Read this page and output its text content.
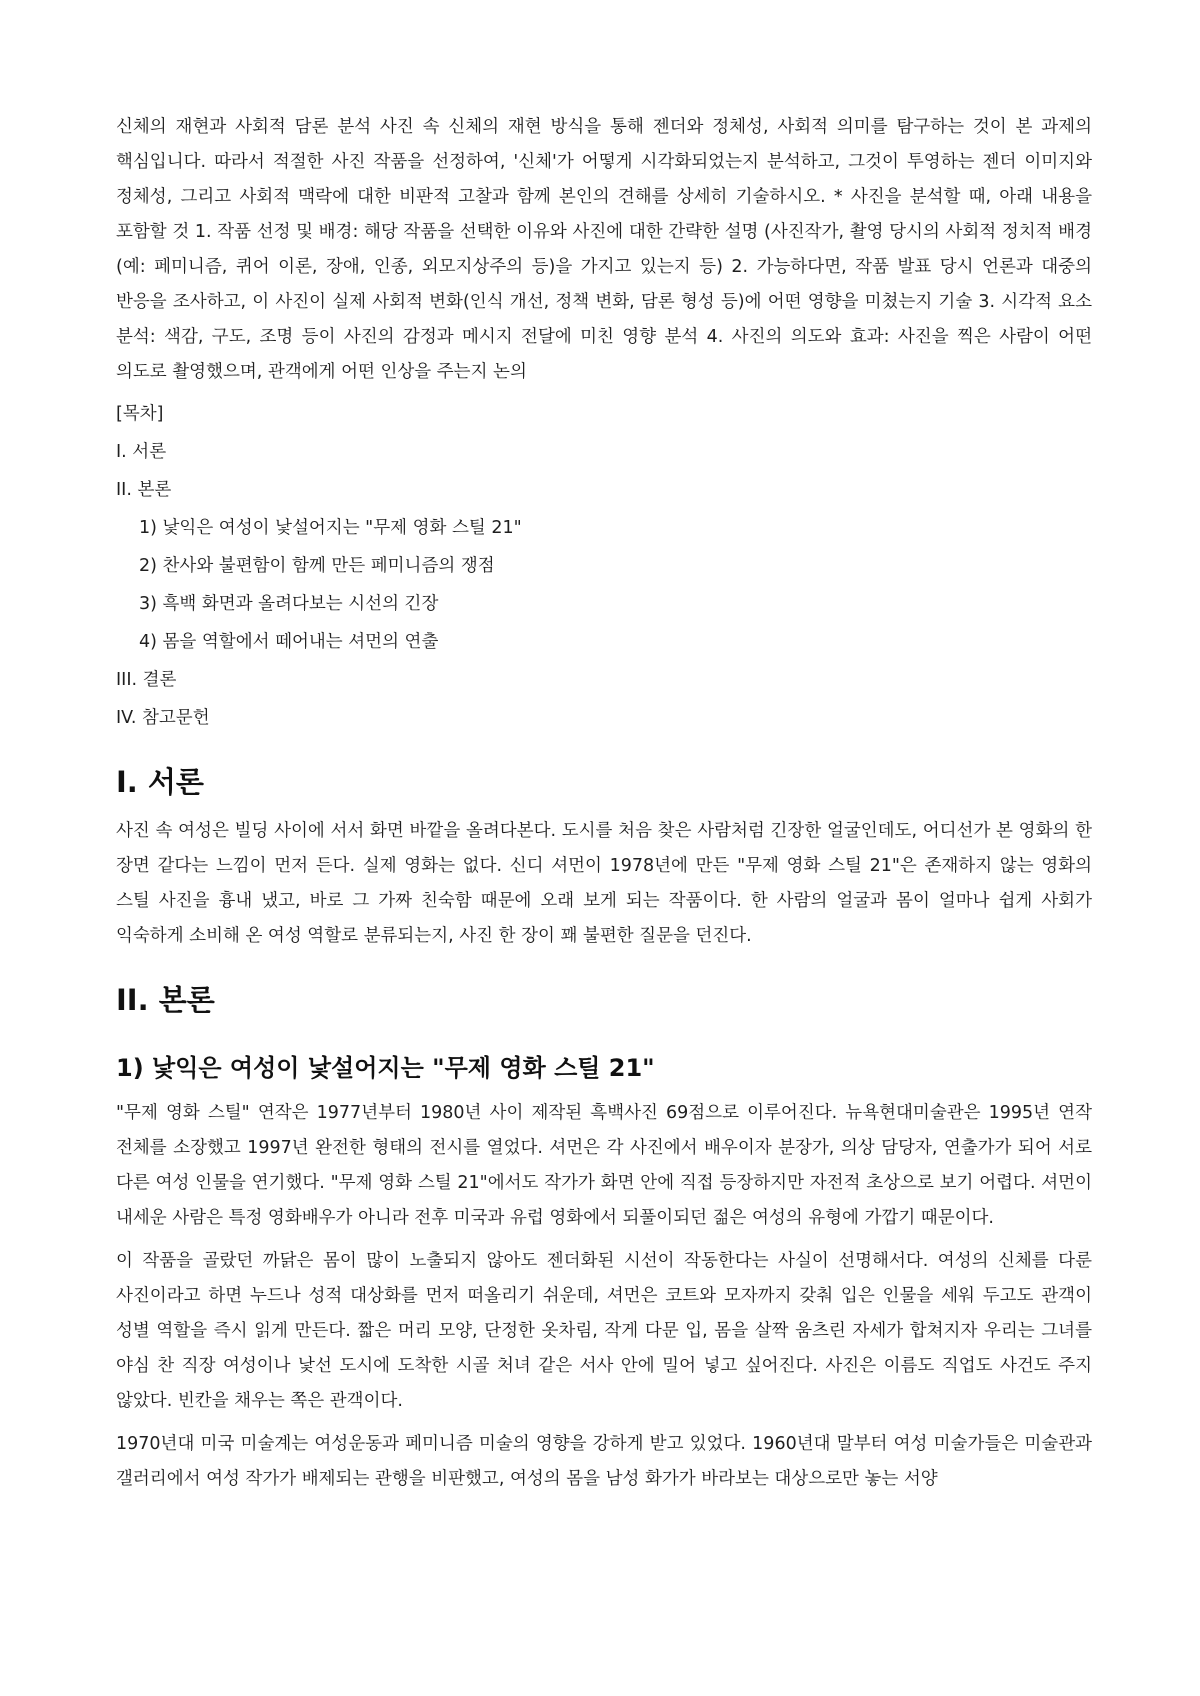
신체의 재현과 사회적 담론 분석 사진 속 신체의 재현 방식을 통해 젠더와 정체성, 사회적 의미를 탐구하는 것이 본 과제의 핵심입니다. 따라서 적절한 사진 작품을 선정하여, '신체'가 어떻게 시각화되었는지 분석하고, 그것이 투영하는 젠더 이미지와 정체성, 그리고 사회적 맥락에 대한 비판적 고찰과 함께 본인의 견해를 상세히 기술하시오. * 사진을 분석할 때, 아래 내용을 포함할 것 1. 작품 선정 및 배경: 해당 작품을 선택한 이유와 사진에 대한 간략한 설명 (사진작가, 촬영 당시의 사회적 정치적 배경(예: 페미니즘, 퀴어 이론, 장애, 인종, 외모지상주의 등)을 가지고 있는지 등) 2. 가능하다면, 작품 발표 당시 언론과 대중의 반응을 조사하고, 이 사진이 실제 사회적 변화(인식 개선, 정책 변화, 담론 형성 등)에 어떤 영향을 미쳤는지 기술 3. 시각적 요소 분석: 색감, 구도, 조명 등이 사진의 감정과 메시지 전달에 미친 영향 분석 4. 사진의 의도와 효과: 사진을 찍은 사람이 어떤 의도로 촬영했으며, 관객에게 어떤 인상을 주는지 논의

[목차]

I. 서론
II. 본론
1) 낯익은 여성이 낯설어지는 "무제 영화 스틸 21"
2) 찬사와 불편함이 함께 만든 페미니즘의 쟁점
3) 흑백 화면과 올려다보는 시선의 긴장
4) 몸을 역할에서 떼어내는 셔먼의 연출
III. 결론
IV. 참고문헌
I. 서론

사진 속 여성은 빌딩 사이에 서서 화면 바깥을 올려다본다. 도시를 처음 찾은 사람처럼 긴장한 얼굴인데도, 어디선가 본 영화의 한 장면 같다는 느낌이 먼저 든다. 실제 영화는 없다. 신디 셔먼이 1978년에 만든 "무제 영화 스틸 21"은 존재하지 않는 영화의 스틸 사진을 흉내 냈고, 바로 그 가짜 친숙함 때문에 오래 보게 되는 작품이다. 한 사람의 얼굴과 몸이 얼마나 쉽게 사회가 익숙하게 소비해 온 여성 역할로 분류되는지, 사진 한 장이 꽤 불편한 질문을 던진다.

II. 본론
1) 낯익은 여성이 낯설어지는 "무제 영화 스틸 21"

"무제 영화 스틸" 연작은 1977년부터 1980년 사이 제작된 흑백사진 69점으로 이루어진다. 뉴욕현대미술관은 1995년 연작 전체를 소장했고 1997년 완전한 형태의 전시를 열었다. 셔먼은 각 사진에서 배우이자 분장가, 의상 담당자, 연출가가 되어 서로 다른 여성 인물을 연기했다. "무제 영화 스틸 21"에서도 작가가 화면 안에 직접 등장하지만 자전적 초상으로 보기 어렵다. 셔먼이 내세운 사람은 특정 영화배우가 아니라 전후 미국과 유럽 영화에서 되풀이되던 젊은 여성의 유형에 가깝기 때문이다.

이 작품을 골랐던 까닭은 몸이 많이 노출되지 않아도 젠더화된 시선이 작동한다는 사실이 선명해서다. 여성의 신체를 다룬 사진이라고 하면 누드나 성적 대상화를 먼저 떠올리기 쉬운데, 셔먼은 코트와 모자까지 갖춰 입은 인물을 세워 두고도 관객이 성별 역할을 즉시 읽게 만든다. 짧은 머리 모양, 단정한 옷차림, 작게 다문 입, 몸을 살짝 움츠린 자세가 합쳐지자 우리는 그녀를 야심 찬 직장 여성이나 낯선 도시에 도착한 시골 처녀 같은 서사 안에 밀어 넣고 싶어진다. 사진은 이름도 직업도 사건도 주지 않았다. 빈칸을 채우는 쪽은 관객이다.

1970년대 미국 미술계는 여성운동과 페미니즘 미술의 영향을 강하게 받고 있었다. 1960년대 말부터 여성 미술가들은 미술관과 갤러리에서 여성 작가가 배제되는 관행을 비판했고, 여성의 몸을 남성 화가가 바라보는 대상으로만 놓는 서양
